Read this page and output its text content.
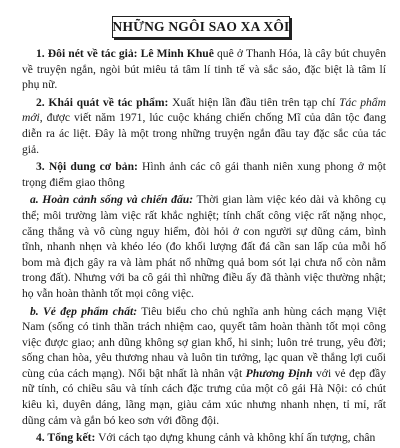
NHỮNG NGÔI SAO XA XÔI

1. Đôi nét về tác giả: Lê Minh Khuê quê ở Thanh Hóa, là cây bút chuyên về truyện ngắn, ngòi bút miêu tả tâm lí tinh tế và sắc sảo, đặc biệt là tâm lí phụ nữ.

2. Khái quát về tác phẩm: Xuất hiện lần đầu tiên trên tạp chí Tác phẩm mới, được viết năm 1971, lúc cuộc kháng chiến chống Mĩ của dân tộc đang diễn ra ác liệt. Đây là một trong những truyện ngắn đầu tay đặc sắc của tác giả.

3. Nội dung cơ bản: Hình ảnh các cô gái thanh niên xung phong ở một trọng điểm giao thông

a. Hoàn cảnh sống và chiến đấu: Thời gian làm việc kéo dài và không cụ thể; môi trường làm việc rất khắc nghiệt; tính chất công việc rất nặng nhọc, căng thẳng và vô cùng nguy hiểm, đòi hỏi ở con người sự dũng cảm, bình tĩnh, nhanh nhẹn và khéo léo (đo khối lượng đất đá cần san lấp của mỗi hố bom mà địch gây ra và làm phát nổ những quả bom sót lại chưa nổ còn nằm trong đất). Nhưng với ba cô gái thì những điều ấy đã thành việc thường nhật; họ vẫn hoàn thành tốt mọi công việc.

b. Vẻ đẹp phẩm chất: Tiêu biểu cho chủ nghĩa anh hùng cách mạng Việt Nam (sống có tinh thần trách nhiệm cao, quyết tâm hoàn thành tốt mọi công việc được giao; anh dũng không sợ gian khổ, hi sinh; luôn trẻ trung, yêu đời; sống chan hòa, yêu thương nhau và luôn tin tưởng, lạc quan về thắng lợi cuối cùng của cách mạng). Nổi bật nhất là nhân vật Phương Định với vẻ đẹp đầy nữ tính, có chiều sâu và tính cách đặc trưng của một cô gái Hà Nội: có chút kiêu kì, duyên dáng, lãng mạn, giàu cảm xúc nhưng nhanh nhẹn, tỉ mỉ, rất dũng cảm và gắn bó keo sơn với đồng đội.

4. Tổng kết: Với cách tạo dựng khung cảnh và không khí ấn tượng, chân
